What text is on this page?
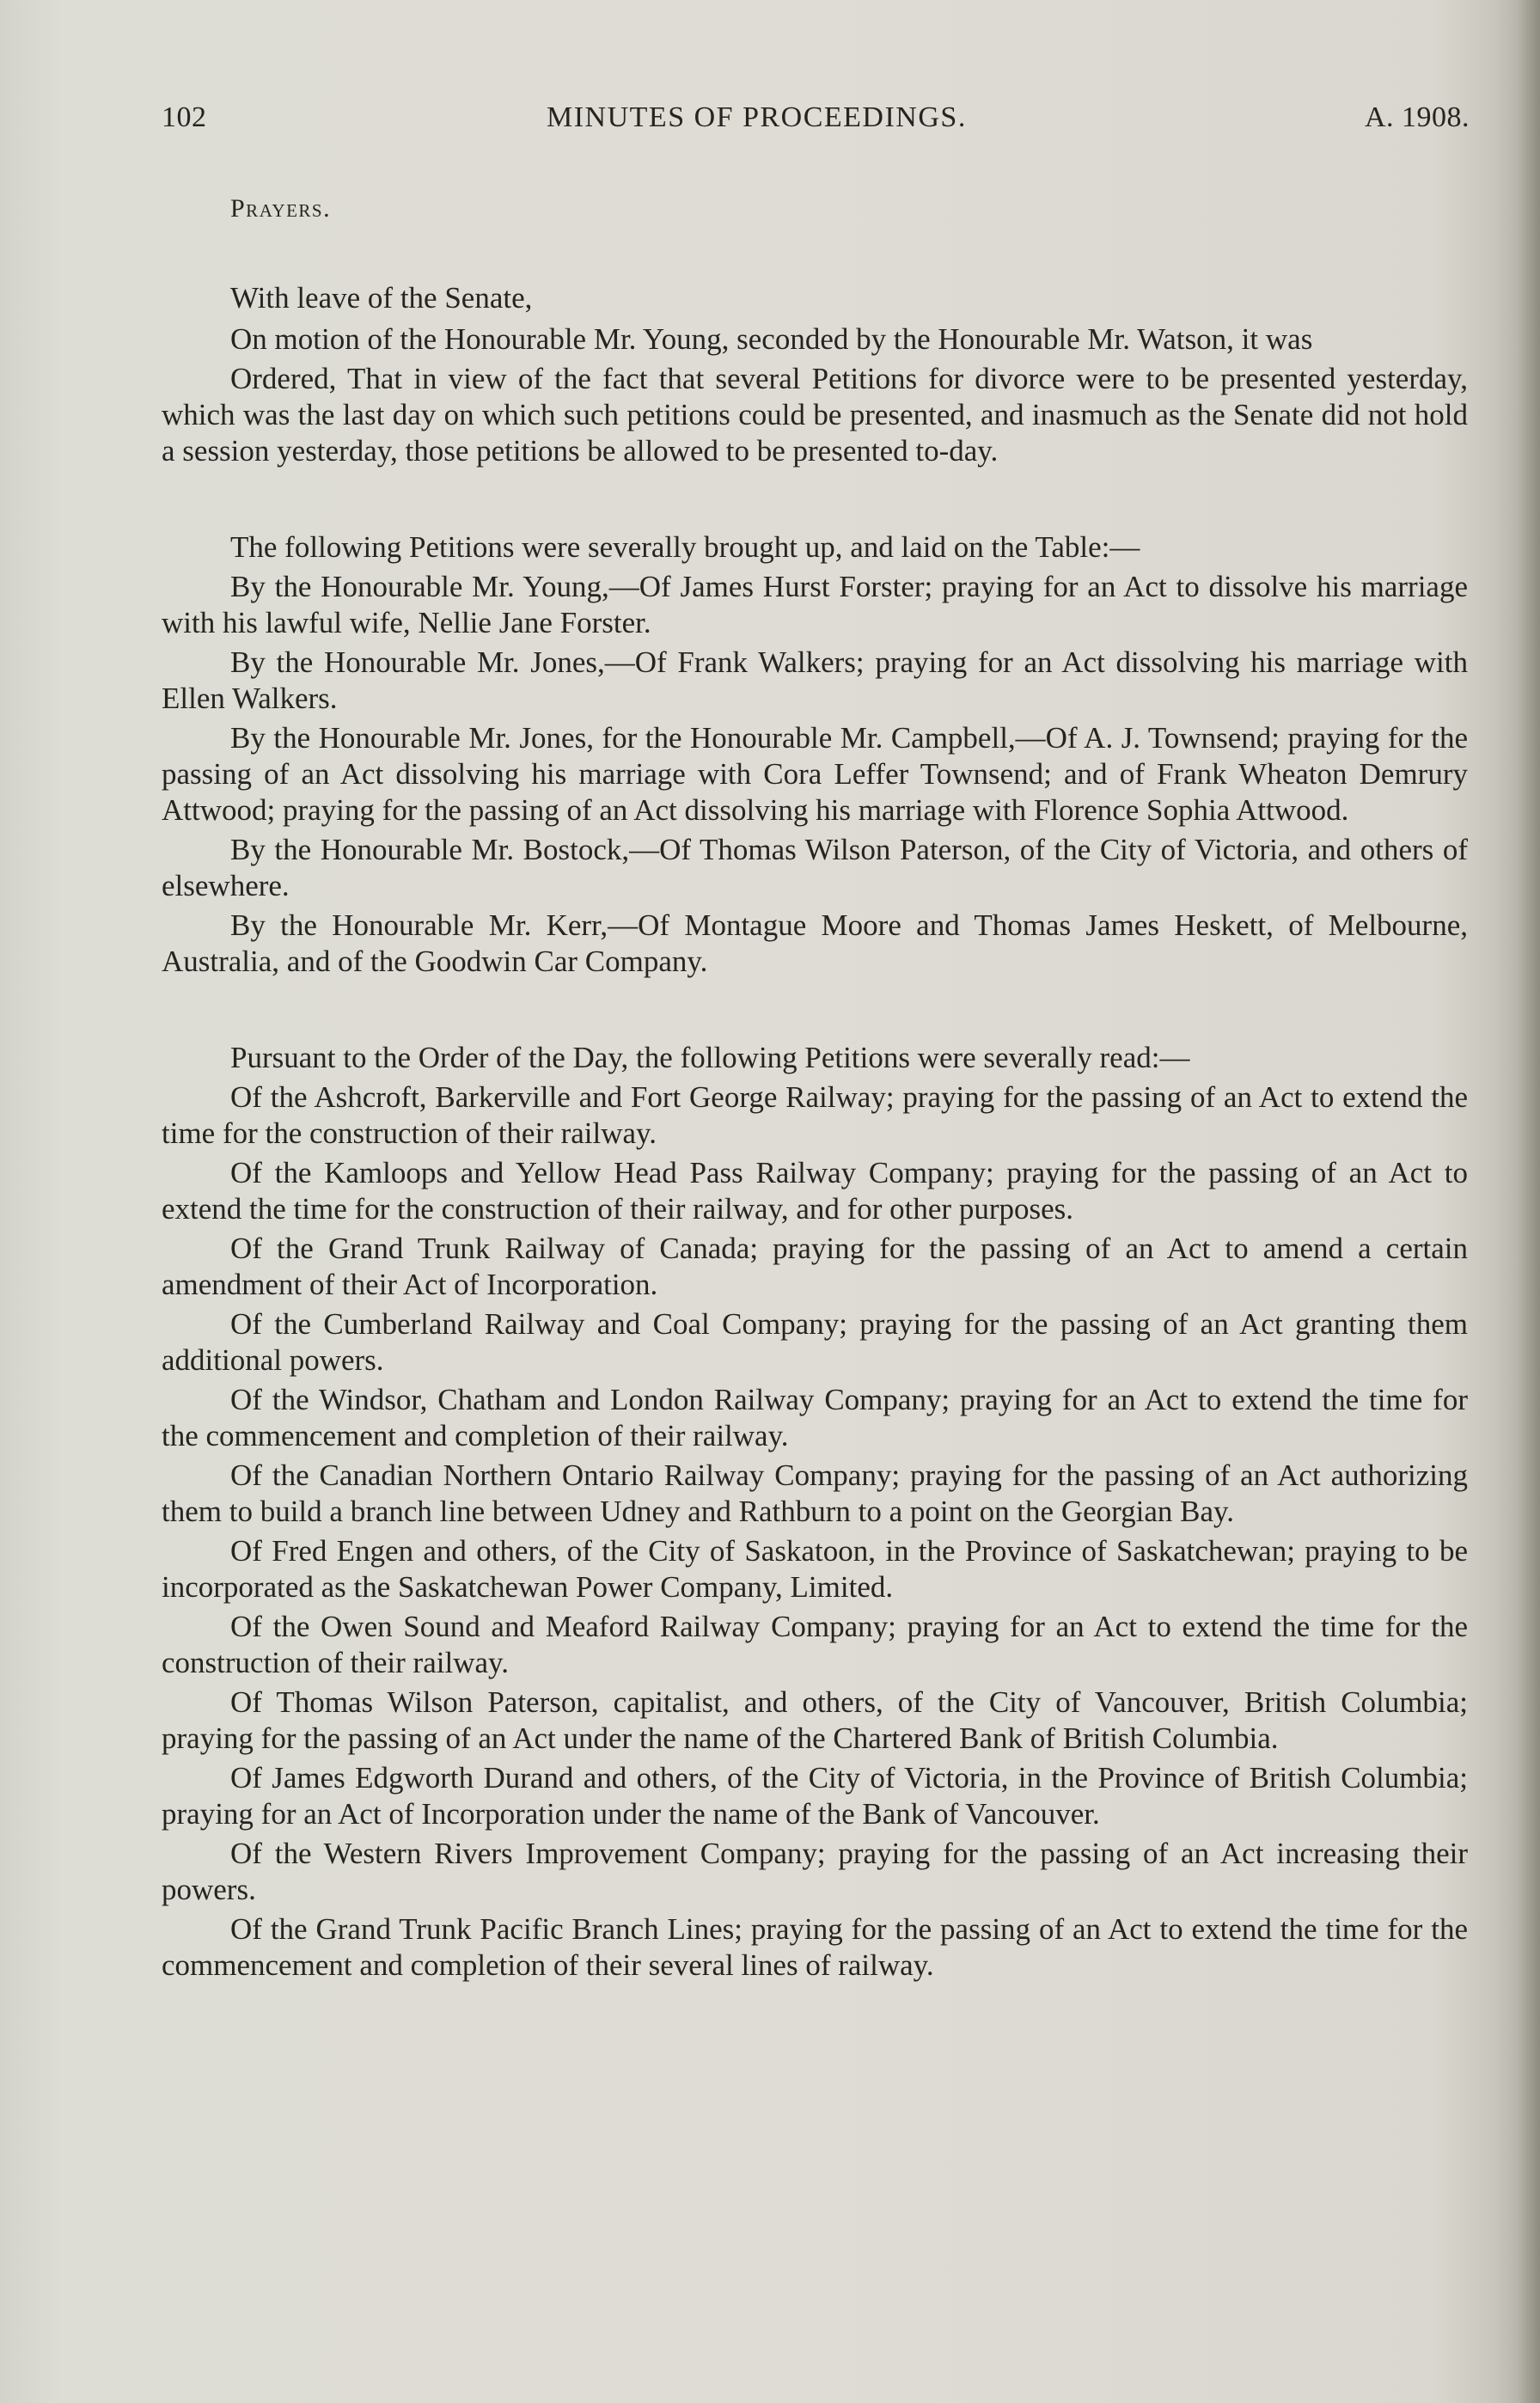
102	MINUTES OF PROCEEDINGS.	A. 1908.
Prayers.

With leave of the Senate,

On motion of the Honourable Mr. Young, seconded by the Honourable Mr. Watson, it was

Ordered, That in view of the fact that several Petitions for divorce were to be presented yesterday, which was the last day on which such petitions could be presented, and inasmuch as the Senate did not hold a session yesterday, those petitions be allowed to be presented to-day.

The following Petitions were severally brought up, and laid on the Table:—

By the Honourable Mr. Young,—Of James Hurst Forster; praying for an Act to dissolve his marriage with his lawful wife, Nellie Jane Forster.

By the Honourable Mr. Jones,—Of Frank Walkers; praying for an Act dissolving his marriage with Ellen Walkers.

By the Honourable Mr. Jones, for the Honourable Mr. Campbell,—Of A. J. Townsend; praying for the passing of an Act dissolving his marriage with Cora Leffer Townsend; and of Frank Wheaton Demrury Attwood; praying for the passing of an Act dissolving his marriage with Florence Sophia Attwood.

By the Honourable Mr. Bostock,—Of Thomas Wilson Paterson, of the City of Victoria, and others of elsewhere.

By the Honourable Mr. Kerr,—Of Montague Moore and Thomas James Heskett, of Melbourne, Australia, and of the Goodwin Car Company.

Pursuant to the Order of the Day, the following Petitions were severally read:—

Of the Ashcroft, Barkerville and Fort George Railway; praying for the passing of an Act to extend the time for the construction of their railway.

Of the Kamloops and Yellow Head Pass Railway Company; praying for the passing of an Act to extend the time for the construction of their railway, and for other purposes.

Of the Grand Trunk Railway of Canada; praying for the passing of an Act to amend a certain amendment of their Act of Incorporation.

Of the Cumberland Railway and Coal Company; praying for the passing of an Act granting them additional powers.

Of the Windsor, Chatham and London Railway Company; praying for an Act to extend the time for the commencement and completion of their railway.

Of the Canadian Northern Ontario Railway Company; praying for the passing of an Act authorizing them to build a branch line between Udney and Rathburn to a point on the Georgian Bay.

Of Fred Engen and others, of the City of Saskatoon, in the Province of Saskatchewan; praying to be incorporated as the Saskatchewan Power Company, Limited.

Of the Owen Sound and Meaford Railway Company; praying for an Act to extend the time for the construction of their railway.

Of Thomas Wilson Paterson, capitalist, and others, of the City of Vancouver, British Columbia; praying for the passing of an Act under the name of the Chartered Bank of British Columbia.

Of James Edgworth Durand and others, of the City of Victoria, in the Province of British Columbia; praying for an Act of Incorporation under the name of the Bank of Vancouver.

Of the Western Rivers Improvement Company; praying for the passing of an Act increasing their powers.

Of the Grand Trunk Pacific Branch Lines; praying for the passing of an Act to extend the time for the commencement and completion of their several lines of railway.
